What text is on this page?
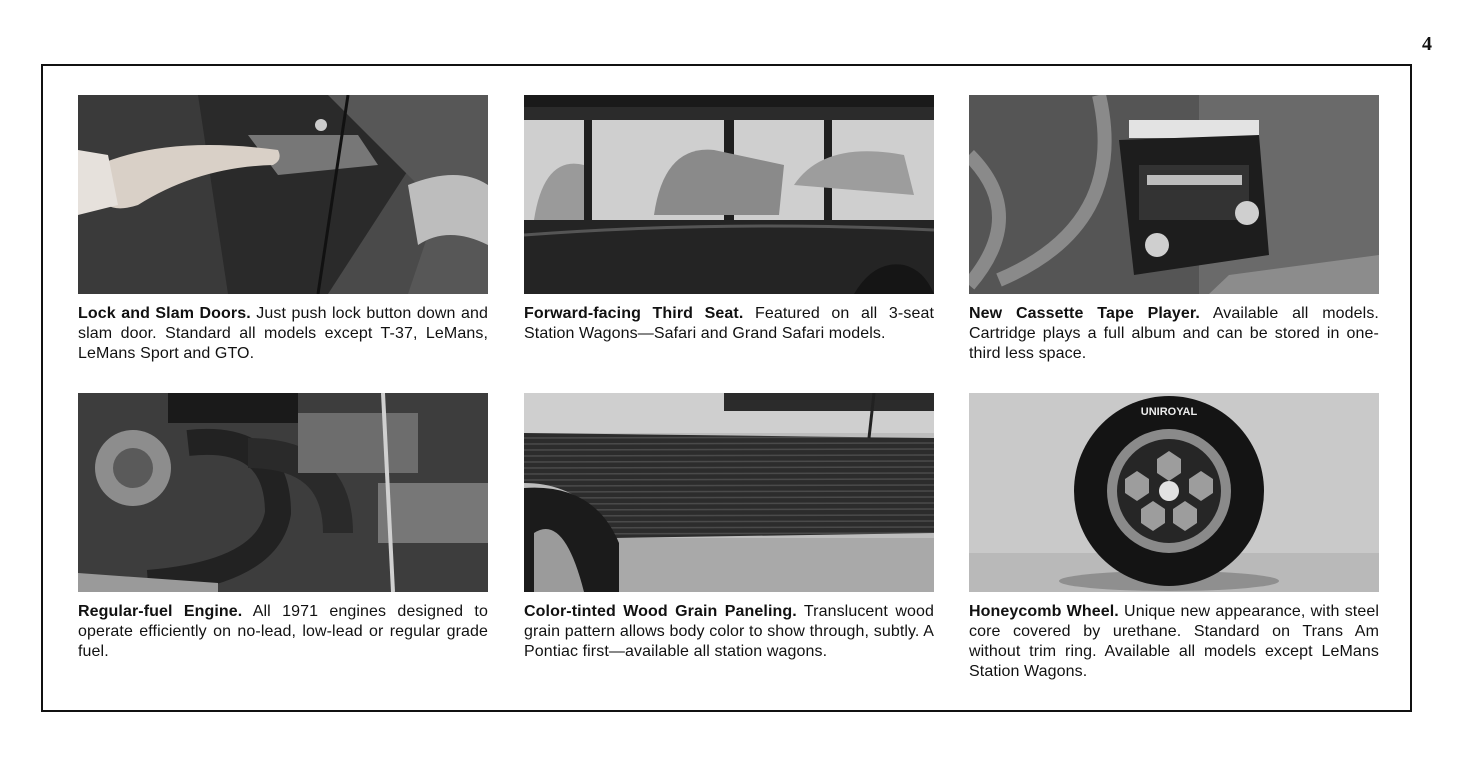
4

Lock and Slam Doors. Just push lock button down and slam door. Standard all models except T-37, LeMans, LeMans Sport and GTO.

Forward-facing Third Seat. Featured on all 3-seat Station Wagons—Safari and Grand Safari models.

New Cassette Tape Player. Available all models. Cartridge plays a full album and can be stored in one-third less space.

Regular-fuel Engine. All 1971 engines designed to operate efficiently on no-lead, low-lead or regular grade fuel.

Color-tinted Wood Grain Paneling. Translucent wood grain pattern allows body color to show through, subtly. A Pontiac first—available all station wagons.

UNIROYAL

Honeycomb Wheel. Unique new appearance, with steel core covered by urethane. Standard on Trans Am without trim ring. Available all models except LeMans Station Wagons.
